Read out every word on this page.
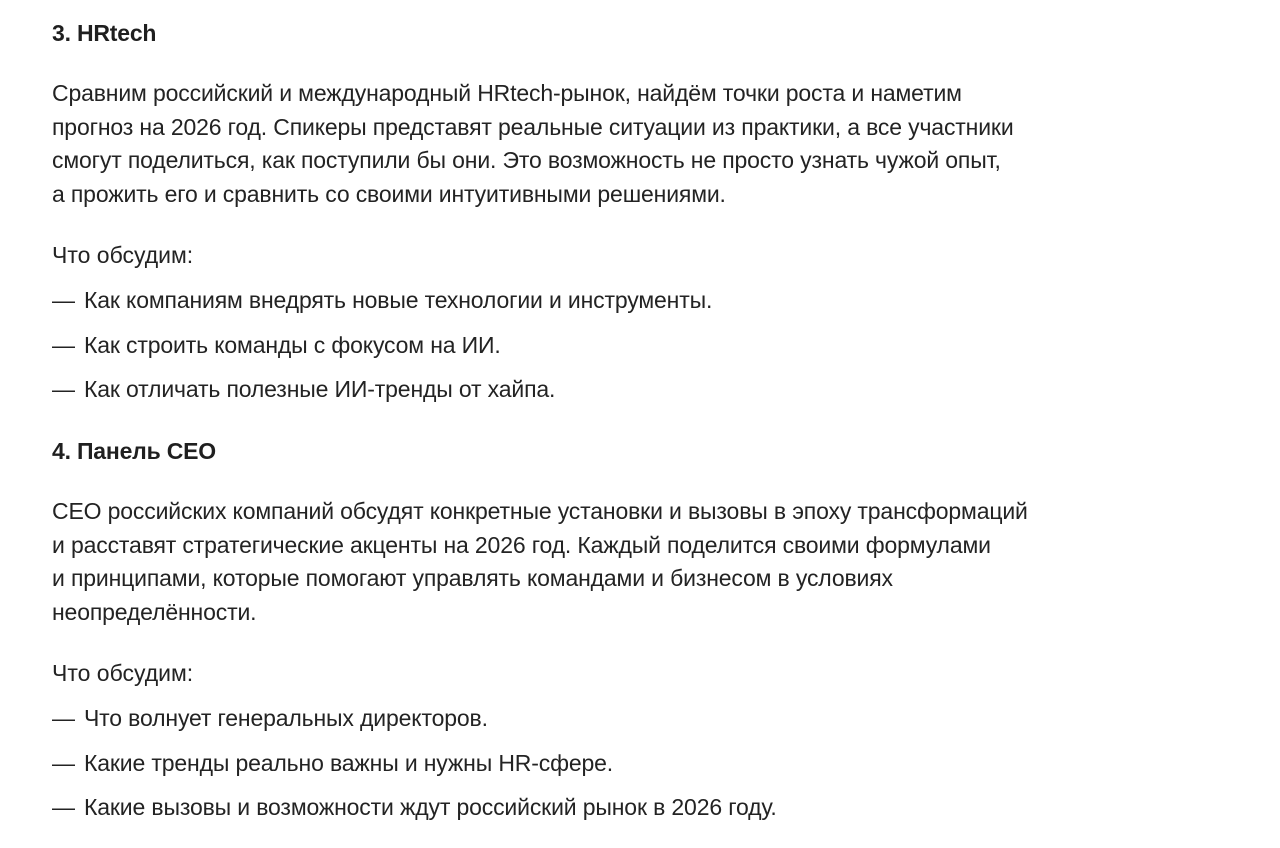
3. HRtech

Сравним российский и международный HRtech-рынок, найдём точки роста и наметим
прогноз на 2026 год. Спикеры представят реальные ситуации из практики, а все участники
смогут поделиться, как поступили бы они. Это возможность не просто узнать чужой опыт,
а прожить его и сравнить со своими интуитивными решениями.

Что обсудим:

— Как компаниям внедрять новые технологии и инструменты.
— Как строить команды с фокусом на ИИ.
— Как отличать полезные ИИ-тренды от хайпа.
4. Панель CEO

CEO российских компаний обсудят конкретные установки и вызовы в эпоху трансформаций
и расставят стратегические акценты на 2026 год. Каждый поделится своими формулами
и принципами, которые помогают управлять командами и бизнесом в условиях
неопределённости.

Что обсудим:

— Что волнует генеральных директоров.
— Какие тренды реально важны и нужны HR-сфере.
— Какие вызовы и возможности ждут российский рынок в 2026 году.
